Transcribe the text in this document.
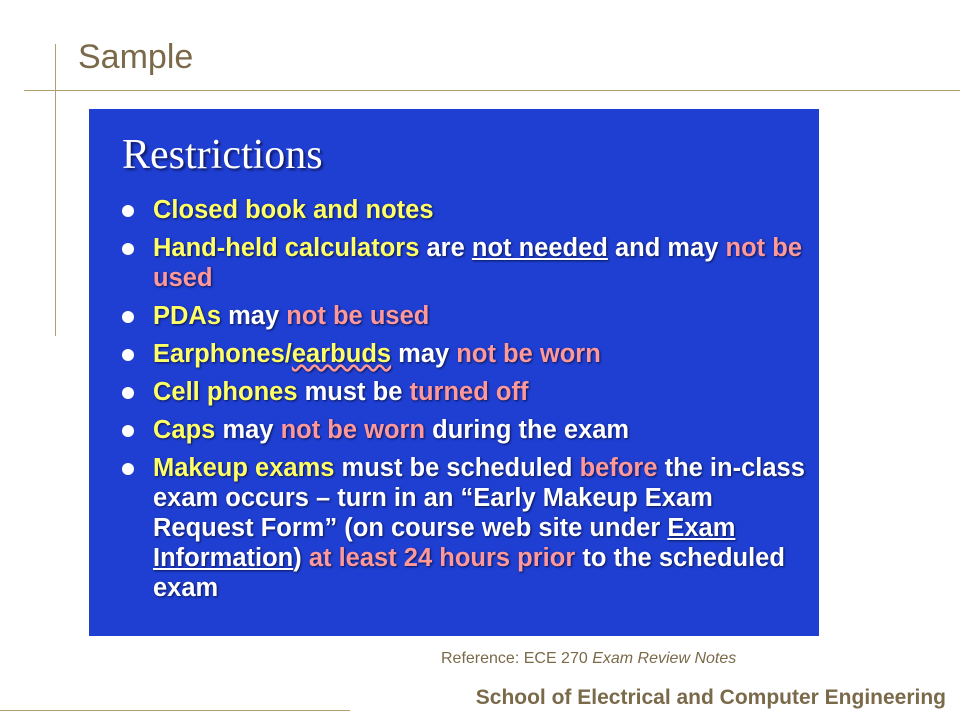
Sample
Restrictions
Closed book and notes
Hand-held calculators are not needed and may not be used
PDAs may not be used
Earphones/earbuds may not be worn
Cell phones must be turned off
Caps may not be worn during the exam
Makeup exams must be scheduled before the in-class exam occurs – turn in an “Early Makeup Exam Request Form” (on course web site under Exam Information) at least 24 hours prior to the scheduled exam
Reference: ECE 270 Exam Review Notes
School of Electrical and Computer Engineering
